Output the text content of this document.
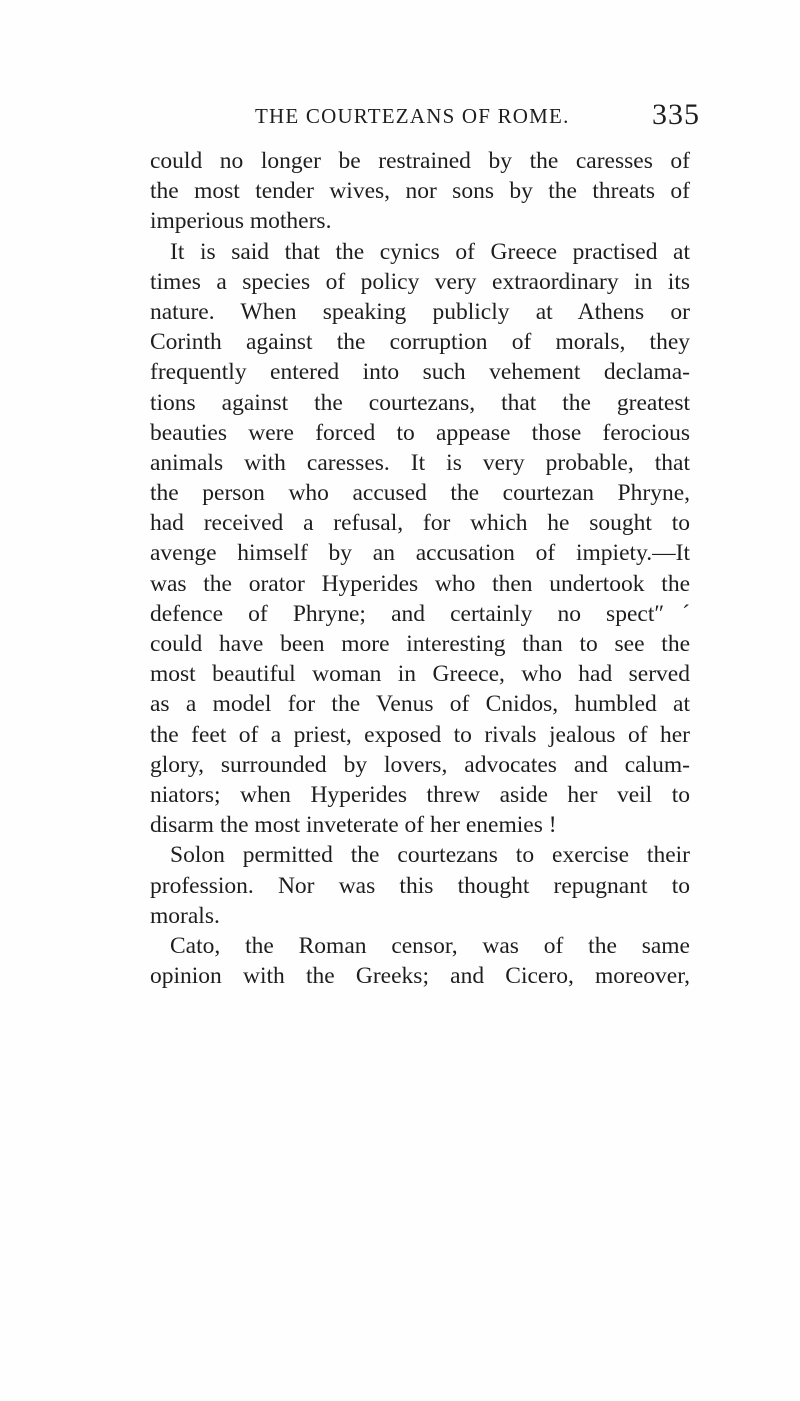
THE COURTEZANS OF ROME.	335
could no longer be restrained by the caresses of
the most tender wives, nor sons by the threats of
imperious mothers.
It is said that the cynics of Greece practised at
times a species of policy very extraordinary in its
nature. When speaking publicly at Athens or
Corinth against the corruption of morals, they
frequently entered into such vehement declama-
tions against the courtezans, that the greatest
beauties were forced to appease those ferocious
animals with caresses. It is very probable, that
the person who accused the courtezan Phryne,
had received a refusal, for which he sought to
avenge himself by an accusation of impiety.—It
was the orator Hyperides who then undertook the
defence of Phryne; and certainly no spectʺˊ
could have been more interesting than to see the
most beautiful woman in Greece, who had served
as a model for the Venus of Cnidos, humbled at
the feet of a priest, exposed to rivals jealous of her
glory, surrounded by lovers, advocates and calum-
niators; when Hyperides threw aside her veil to
disarm the most inveterate of her enemies !
Solon permitted the courtezans to exercise their
profession. Nor was this thought repugnant to
morals.
Cato, the Roman censor, was of the same
opinion with the Greeks; and Cicero, moreover,
